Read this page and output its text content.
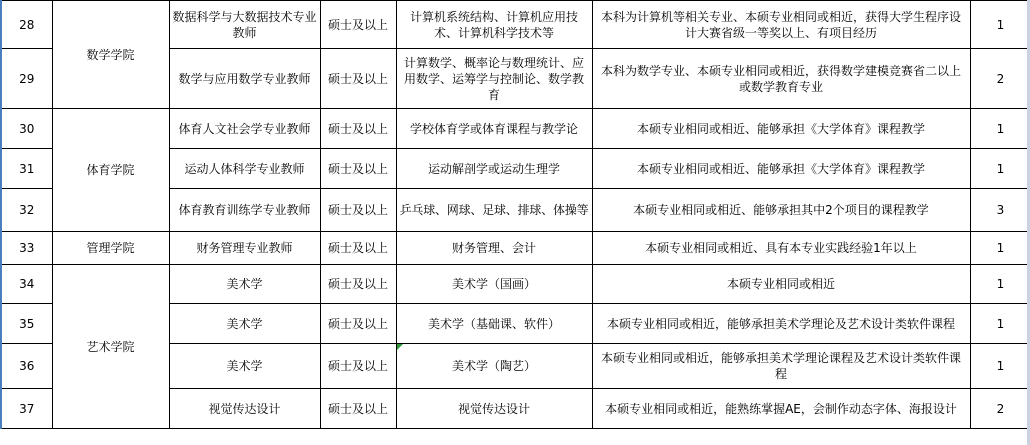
28	数学学院	数据科学与大数据技术专业教师	硕士及以上	计算机系统结构、计算机应用技术、计算机科学技术等	本科为计算机等相关专业、本硕专业相同或相近，获得大学生程序设计大赛省级一等奖以上、有项目经历	1
29		数学与应用数学专业教师	硕士及以上	计算数学、概率论与数理统计、应用数学、运筹学与控制论、数学教育	本科为数学专业、本硕专业相同或相近，获得数学建模竞赛省二以上或数学教育专业	2
30	体育学院	体育人文社会学专业教师	硕士及以上	学校体育学或体育课程与教学论	本硕专业相同或相近、能够承担《大学体育》课程教学	1
31		运动人体科学专业教师	硕士及以上	运动解剖学或运动生理学	本硕专业相同或相近、能够承担《大学体育》课程教学	1
32		体育教育训练学专业教师	硕士及以上	乒乓球、网球、足球、排球、体操等	本硕专业相同或相近、能够承担其中2个项目的课程教学	3
33	管理学院	财务管理专业教师	硕士及以上	财务管理、会计	本硕专业相同或相近、具有本专业实践经验1年以上	1
34	艺术学院	美术学	硕士及以上	美术学（国画）	本硕专业相同或相近	1
35		美术学	硕士及以上	美术学（基础课、软件）	本硕专业相同或相近，能够承担美术学理论及艺术设计类软件课程	1
36		美术学	硕士及以上	美术学（陶艺）	本硕专业相同或相近，能够承担美术学理论课程及艺术设计类软件课程	1
37		视觉传达设计	硕士及以上	视觉传达设计	本硕专业相同或相近，能熟练掌握AE，会制作动态字体、海报设计	2
